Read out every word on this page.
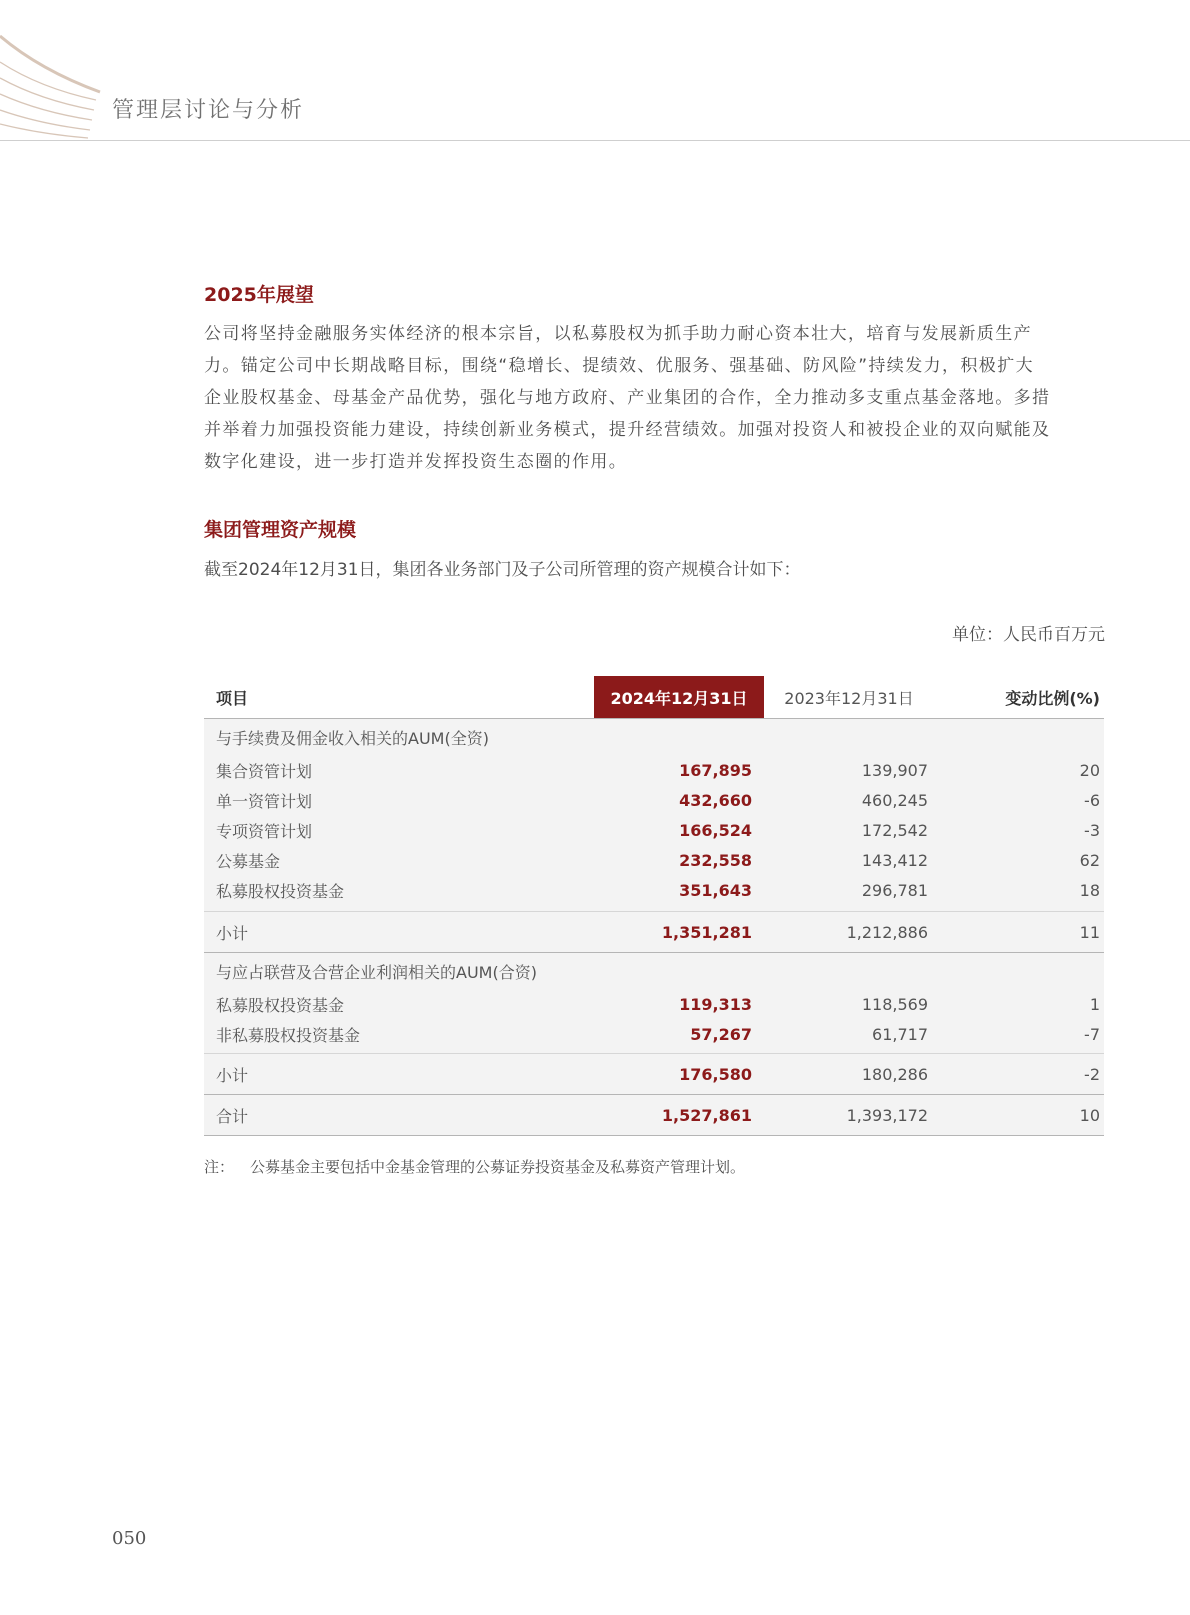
管理层讨论与分析
2025年展望
公司将坚持金融服务实体经济的根本宗旨，以私募股权为抓手助力耐心资本壮大，培育与发展新质生产
力。锚定公司中长期战略目标，围绕“稳增长、提绩效、优服务、强基础、防风险”持续发力，积极扩大
企业股权基金、母基金产品优势，强化与地方政府、产业集团的合作，全力推动多支重点基金落地。多措
并举着力加强投资能力建设，持续创新业务模式，提升经营绩效。加强对投资人和被投企业的双向赋能及
数字化建设，进一步打造并发挥投资生态圈的作用。
集团管理资产规模
截至2024年12月31日，集团各业务部门及子公司所管理的资产规模合计如下：
单位：人民币百万元
项目	2024年12月31日	2023年12月31日	变动比例(%)
与手续费及佣金收入相关的AUM(全资)
集合资管计划	167,895	139,907	20
单一资管计划	432,660	460,245	-6
专项资管计划	166,524	172,542	-3
公募基金	232,558	143,412	62
私募股权投资基金	351,643	296,781	18
小计	1,351,281	1,212,886	11
与应占联营及合营企业利润相关的AUM(合资)
私募股权投资基金	119,313	118,569	1
非私募股权投资基金	57,267	61,717	-7
小计	176,580	180,286	-2
合计	1,527,861	1,393,172	10
注： 公募基金主要包括中金基金管理的公募证券投资基金及私募资产管理计划。
050
